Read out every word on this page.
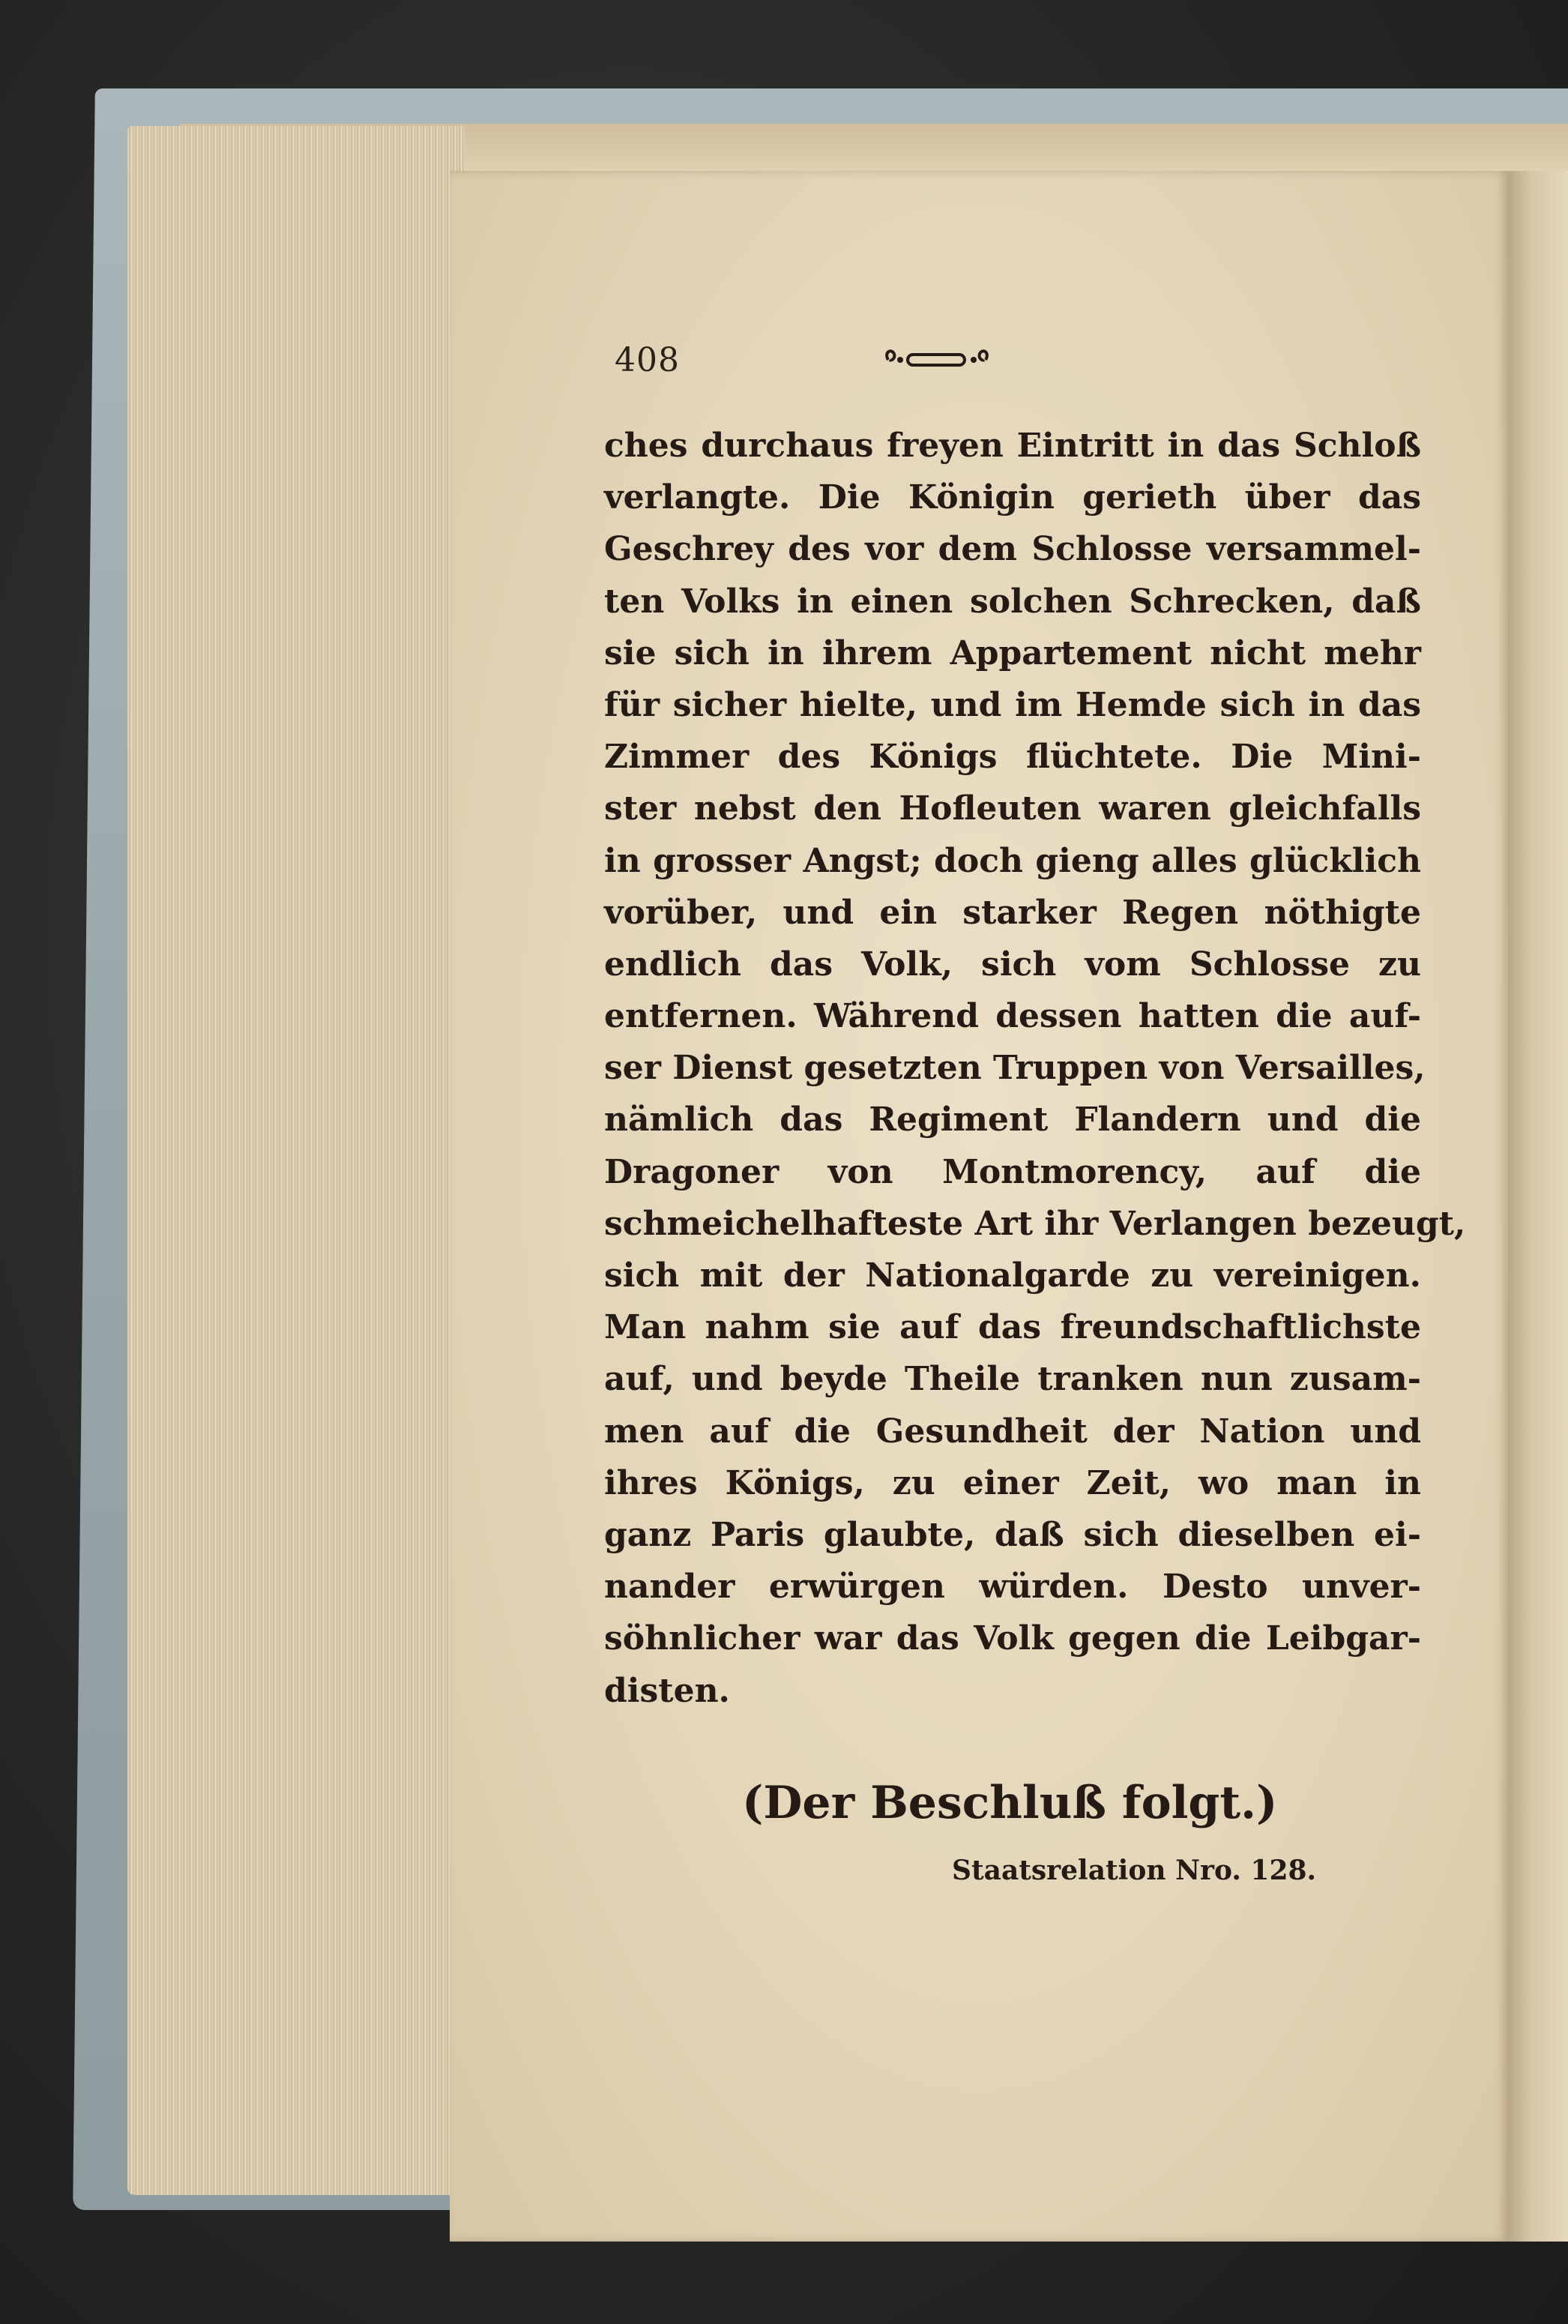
408
ches durchaus freyen Eintritt in das Schloß
verlangte. Die Königin gerieth über das
Geschrey des vor dem Schlosse versammel-
ten Volks in einen solchen Schrecken, daß
sie sich in ihrem Appartement nicht mehr
für sicher hielte, und im Hemde sich in das
Zimmer des Königs flüchtete. Die Mini-
ster nebst den Hofleuten waren gleichfalls
in grosser Angst; doch gieng alles glücklich
vorüber, und ein starker Regen nöthigte
endlich das Volk, sich vom Schlosse zu
entfernen. Während dessen hatten die auf-
ser Dienst gesetzten Truppen von Versailles,
nämlich das Regiment Flandern und die
Dragoner von Montmorency, auf die
schmeichelhafteste Art ihr Verlangen bezeugt,
sich mit der Nationalgarde zu vereinigen.
Man nahm sie auf das freundschaftlichste
auf, und beyde Theile tranken nun zusam-
men auf die Gesundheit der Nation und
ihres Königs, zu einer Zeit, wo man in
ganz Paris glaubte, daß sich dieselben ei-
nander erwürgen würden. Desto unver-
söhnlicher war das Volk gegen die Leibgar-
disten.
(Der Beschluß folgt.)
Staatsrelation Nro. 128.
